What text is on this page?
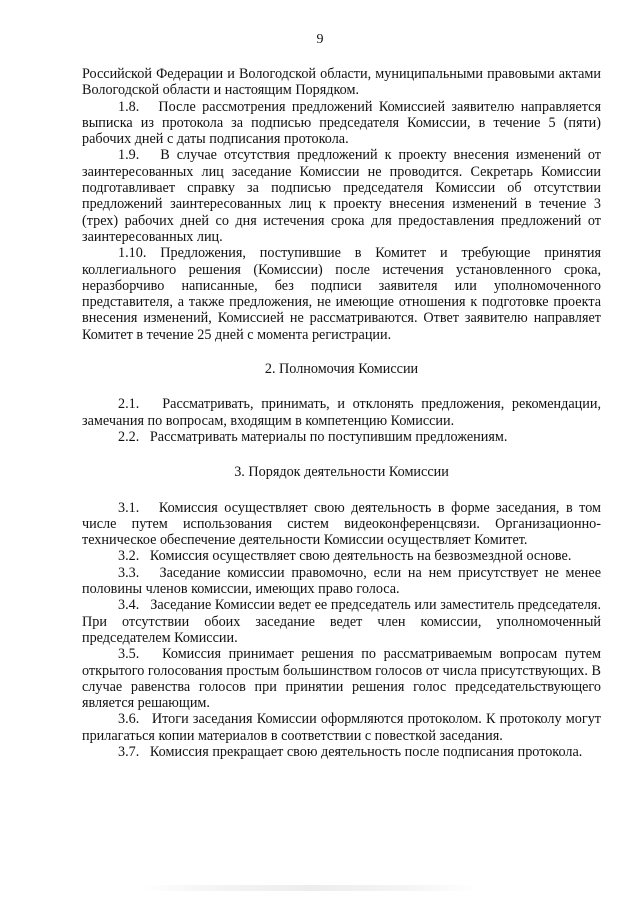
9

Российской Федерации и Вологодской области, муниципальными правовыми актами Вологодской области и настоящим Порядком.

1.8.   После рассмотрения предложений Комиссией заявителю направляется выписка из протокола за подписью председателя Комиссии, в течение 5 (пяти) рабочих дней с даты подписания протокола.

1.9.   В случае отсутствия предложений к проекту внесения изменений от заинтересованных лиц заседание Комиссии не проводится. Секретарь Комиссии подготавливает справку за подписью председателя Комиссии об отсутствии предложений заинтересованных лиц к проекту внесения изменений в течение 3 (трех) рабочих дней со дня истечения срока для предоставления предложений от заинтересованных лиц.

1.10. Предложения, поступившие в Комитет и требующие принятия коллегиального решения (Комиссии) после истечения установленного срока, неразборчиво написанные, без подписи заявителя или уполномоченного представителя, а также предложения, не имеющие отношения к подготовке проекта внесения изменений, Комиссией не рассматриваются. Ответ заявителю направляет Комитет в течение 25 дней с момента регистрации.

2. Полномочия Комиссии

2.1.   Рассматривать, принимать, и отклонять предложения, рекомендации, замечания по вопросам, входящим в компетенцию Комиссии.

2.2.   Рассматривать материалы по поступившим предложениям.

3. Порядок деятельности Комиссии

3.1.   Комиссия осуществляет свою деятельность в форме заседания, в том числе путем использования систем видеоконференцсвязи. Организационно-техническое обеспечение деятельности Комиссии осуществляет Комитет.

3.2.   Комиссия осуществляет свою деятельность на безвозмездной основе.

3.3.   Заседание комиссии правомочно, если на нем присутствует не менее половины членов комиссии, имеющих право голоса.

3.4.   Заседание Комиссии ведет ее председатель или заместитель председателя. При отсутствии обоих заседание ведет член комиссии, уполномоченный председателем Комиссии.

3.5.   Комиссия принимает решения по рассматриваемым вопросам путем открытого голосования простым большинством голосов от числа присутствующих. В случае равенства голосов при принятии решения голос председательствующего является решающим.

3.6.   Итоги заседания Комиссии оформляются протоколом. К протоколу могут прилагаться копии материалов в соответствии с повесткой заседания.

3.7.   Комиссия прекращает свою деятельность после подписания протокола.
